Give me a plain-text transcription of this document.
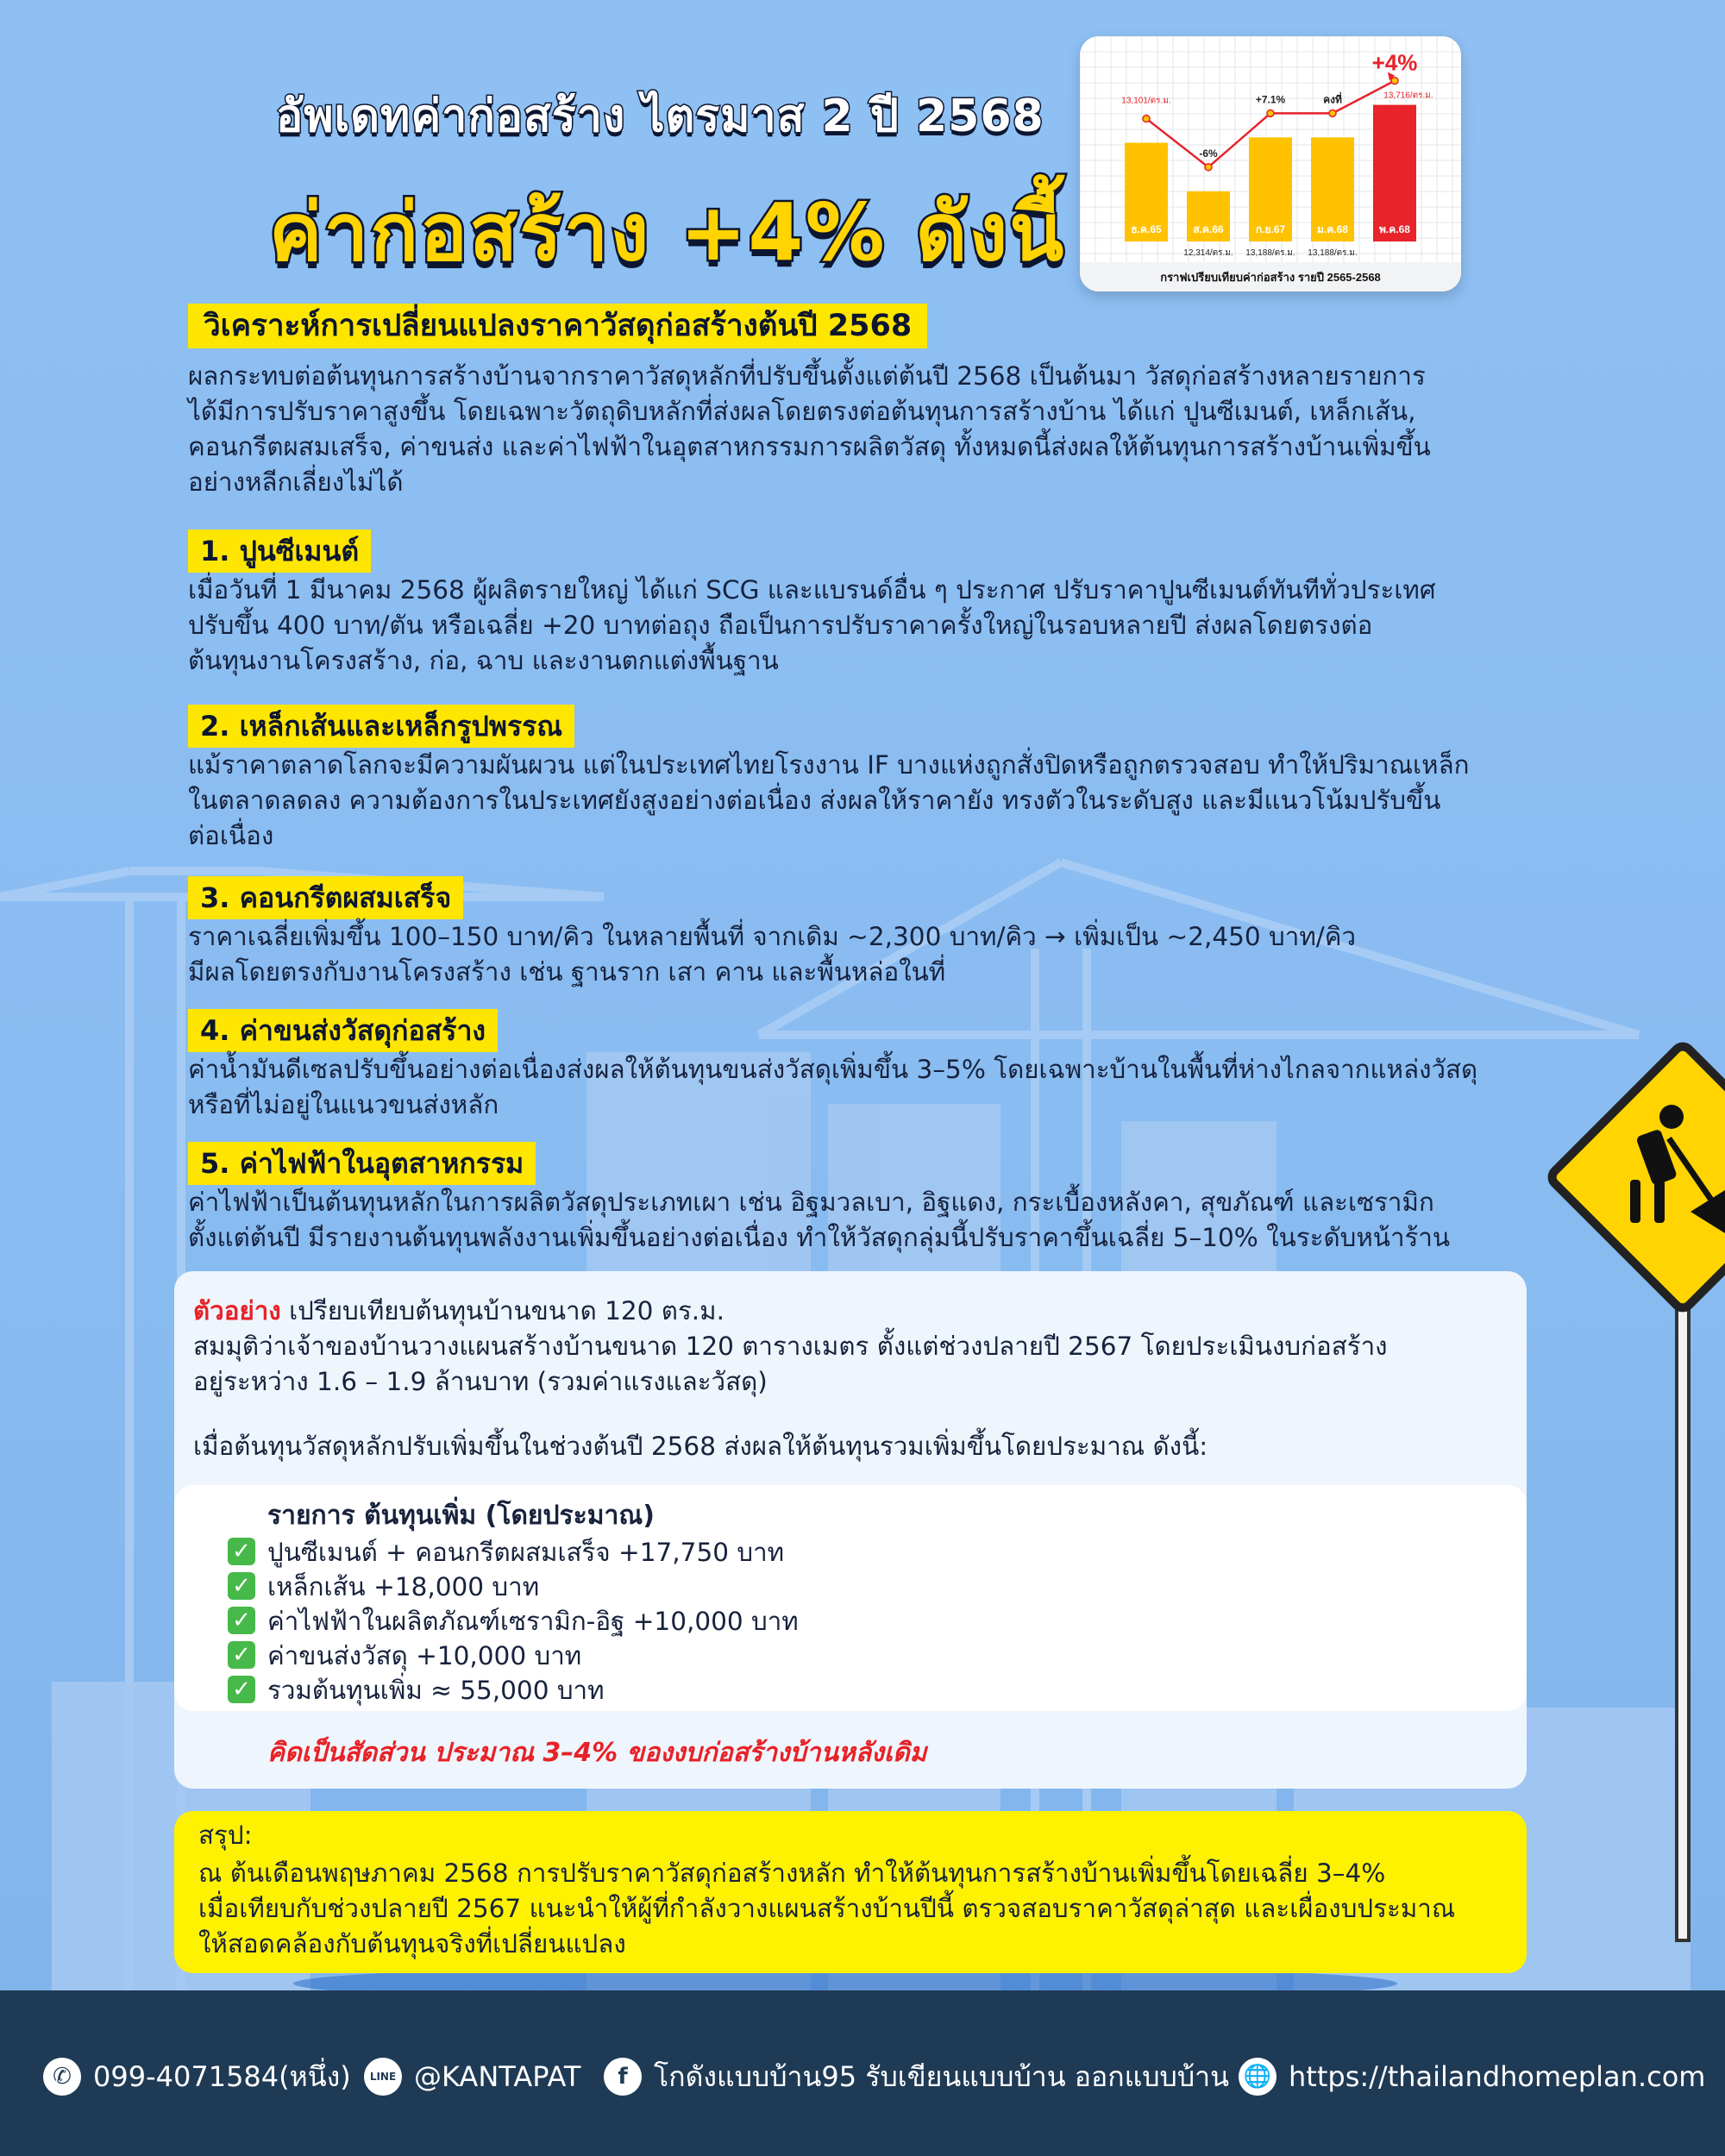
อัพเดทค่าก่อสร้าง ไตรมาส 2 ปี 2568
ค่าก่อสร้าง +4% ดังนี้	ธ.ค.65	ส.ค.66	ก.ย.67	ม.ค.68	พ.ค.68
-6%
+7.1%	คงที่
+4%
13,101/ตร.ม.
12,314/ตร.ม. 13,188/ตร.ม. 13,188/ตร.ม.
13,716/ตร.ม.
กราฟเปรียบเทียบค่าก่อสร้าง รายปี 2565-2568
วิเคราะห์การเปลี่ยนแปลงราคาวัสดุก่อสร้างต้นปี 2568

ผลกระทบต่อต้นทุนการสร้างบ้านจากราคาวัสดุหลักที่ปรับขึ้นตั้งแต่ต้นปี 2568 เป็นต้นมา วัสดุก่อสร้างหลายรายการ

ได้มีการปรับราคาสูงขึ้น โดยเฉพาะวัตถุดิบหลักที่ส่งผลโดยตรงต่อต้นทุนการสร้างบ้าน ได้แก่ ปูนซีเมนต์, เหล็กเส้น,

คอนกรีตผสมเสร็จ, ค่าขนส่ง และค่าไฟฟ้าในอุตสาหกรรมการผลิตวัสดุ ทั้งหมดนี้ส่งผลให้ต้นทุนการสร้างบ้านเพิ่มขึ้น

อย่างหลีกเลี่ยงไม่ได้

1. ปูนซีเมนต์

เมื่อวันที่ 1 มีนาคม 2568 ผู้ผลิตรายใหญ่ ได้แก่ SCG และแบรนด์อื่น ๆ ประกาศ ปรับราคาปูนซีเมนต์ทันทีทั่วประเทศ

ปรับขึ้น 400 บาท/ตัน หรือเฉลี่ย +20 บาทต่อถุง ถือเป็นการปรับราคาครั้งใหญ่ในรอบหลายปี ส่งผลโดยตรงต่อ

ต้นทุนงานโครงสร้าง, ก่อ, ฉาบ และงานตกแต่งพื้นฐาน

2. เหล็กเส้นและเหล็กรูปพรรณ

แม้ราคาตลาดโลกจะมีความผันผวน แต่ในประเทศไทยโรงงาน IF บางแห่งถูกสั่งปิดหรือถูกตรวจสอบ ทำให้ปริมาณเหล็ก

ในตลาดลดลง ความต้องการในประเทศยังสูงอย่างต่อเนื่อง ส่งผลให้ราคายัง ทรงตัวในระดับสูง และมีแนวโน้มปรับขึ้น

ต่อเนื่อง

3. คอนกรีตผสมเสร็จ

ราคาเฉลี่ยเพิ่มขึ้น 100–150 บาท/คิว ในหลายพื้นที่ จากเดิม ~2,300 บาท/คิว → เพิ่มเป็น ~2,450 บาท/คิว

มีผลโดยตรงกับงานโครงสร้าง เช่น ฐานราก เสา คาน และพื้นหล่อในที่

4. ค่าขนส่งวัสดุก่อสร้าง

ค่าน้ำมันดีเซลปรับขึ้นอย่างต่อเนื่องส่งผลให้ต้นทุนขนส่งวัสดุเพิ่มขึ้น 3–5% โดยเฉพาะบ้านในพื้นที่ห่างไกลจากแหล่งวัสดุ

หรือที่ไม่อยู่ในแนวขนส่งหลัก

5. ค่าไฟฟ้าในอุตสาหกรรม

ค่าไฟฟ้าเป็นต้นทุนหลักในการผลิตวัสดุประเภทเผา เช่น อิฐมวลเบา, อิฐแดง, กระเบื้องหลังคา, สุขภัณฑ์ และเซรามิก

ตั้งแต่ต้นปี มีรายงานต้นทุนพลังงานเพิ่มขึ้นอย่างต่อเนื่อง ทำให้วัสดุกลุ่มนี้ปรับราคาขึ้นเฉลี่ย 5–10% ในระดับหน้าร้าน

ตัวอย่าง เปรียบเทียบต้นทุนบ้านขนาด 120 ตร.ม.
สมมุติว่าเจ้าของบ้านวางแผนสร้างบ้านขนาด 120 ตารางเมตร ตั้งแต่ช่วงปลายปี 2567 โดยประเมินงบก่อสร้าง
อยู่ระหว่าง 1.6 – 1.9 ล้านบาท (รวมค่าแรงและวัสดุ)
เมื่อต้นทุนวัสดุหลักปรับเพิ่มขึ้นในช่วงต้นปี 2568 ส่งผลให้ต้นทุนรวมเพิ่มขึ้นโดยประมาณ ดังนี้:
รายการ ต้นทุนเพิ่ม (โดยประมาณ)
✓ ปูนซีเมนต์ + คอนกรีตผสมเสร็จ +17,750 บาท
✓ เหล็กเส้น +18,000 บาท
✓ ค่าไฟฟ้าในผลิตภัณฑ์เซรามิก-อิฐ +10,000 บาท
✓ ค่าขนส่งวัสดุ +10,000 บาท
✓ รวมต้นทุนเพิ่ม ≈ 55,000 บาท
คิดเป็นสัดส่วน ประมาณ 3–4% ของงบก่อสร้างบ้านหลังเดิม
สรุป:
ณ ต้นเดือนพฤษภาคม 2568 การปรับราคาวัสดุก่อสร้างหลัก ทำให้ต้นทุนการสร้างบ้านเพิ่มขึ้นโดยเฉลี่ย 3–4%
เมื่อเทียบกับช่วงปลายปี 2567 แนะนำให้ผู้ที่กำลังวางแผนสร้างบ้านปีนี้ ตรวจสอบราคาวัสดุล่าสุด และเผื่องบประมาณ
ให้สอดคล้องกับต้นทุนจริงที่เปลี่ยนแปลง
✆ 099-4071584(หนึ่ง)	LINE @KANTAPAT	f โกดังแบบบ้าน95 รับเขียนแบบบ้าน ออกแบบบ้าน 🌐 https://thailandhomeplan.com
